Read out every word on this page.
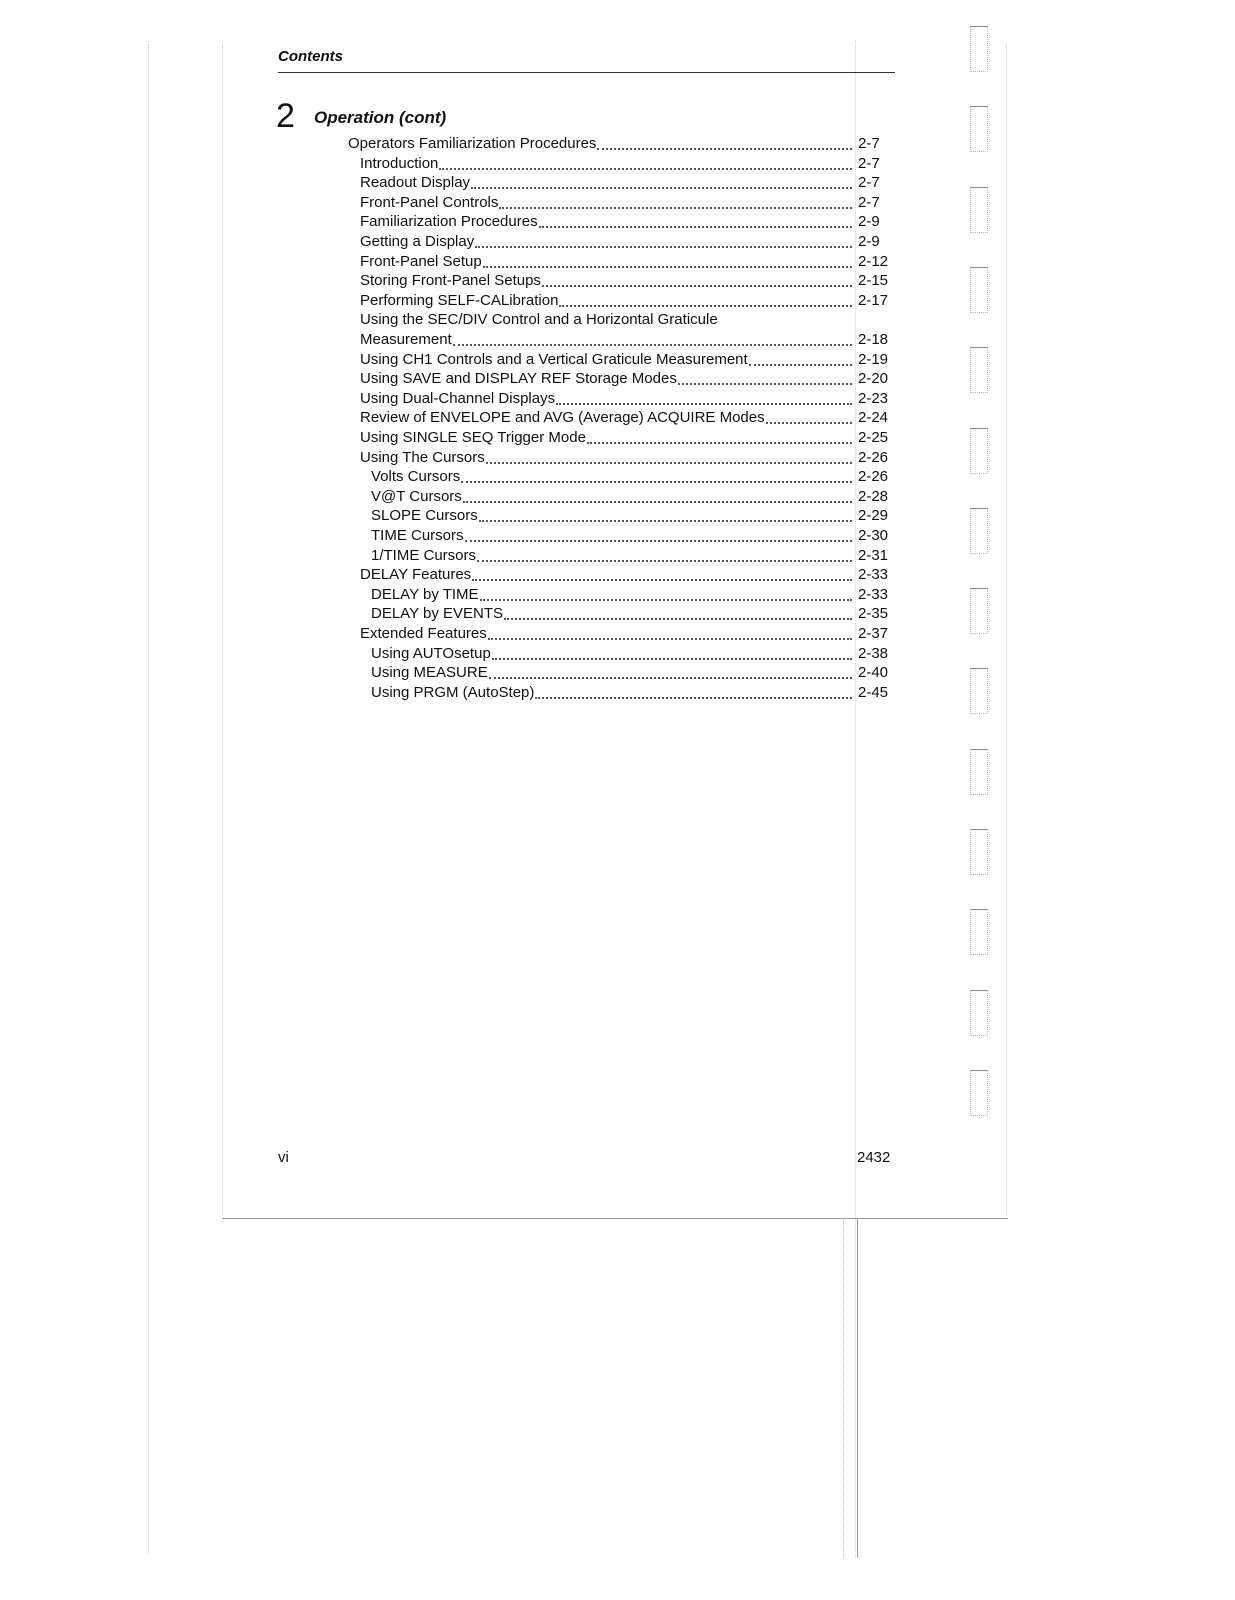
Contents
2 Operation (cont)
Operators Familiarization Procedures	2-7
Introduction	2-7
Readout Display	2-7
Front-Panel Controls	2-7
Familiarization Procedures	2-9
Getting a Display	2-9
Front-Panel Setup	2-12
Storing Front-Panel Setups	2-15
Performing SELF-CALibration	2-17
Using the SEC/DIV Control and a Horizontal Graticule
Measurement	2-18
Using CH1 Controls and a Vertical Graticule Measurement	2-19
Using SAVE and DISPLAY REF Storage Modes	2-20
Using Dual-Channel Displays	2-23
Review of ENVELOPE and AVG (Average) ACQUIRE Modes	2-24
Using SINGLE SEQ Trigger Mode	2-25
Using The Cursors	2-26
Volts Cursors	2-26
V@T Cursors	2-28
SLOPE Cursors	2-29
TIME Cursors	2-30
1/TIME Cursors	2-31
DELAY Features	2-33
DELAY by TIME	2-33
DELAY by EVENTS	2-35
Extended Features	2-37
Using AUTOsetup	2-38
Using MEASURE	2-40
Using PRGM (AutoStep)	2-45
vi	2432
